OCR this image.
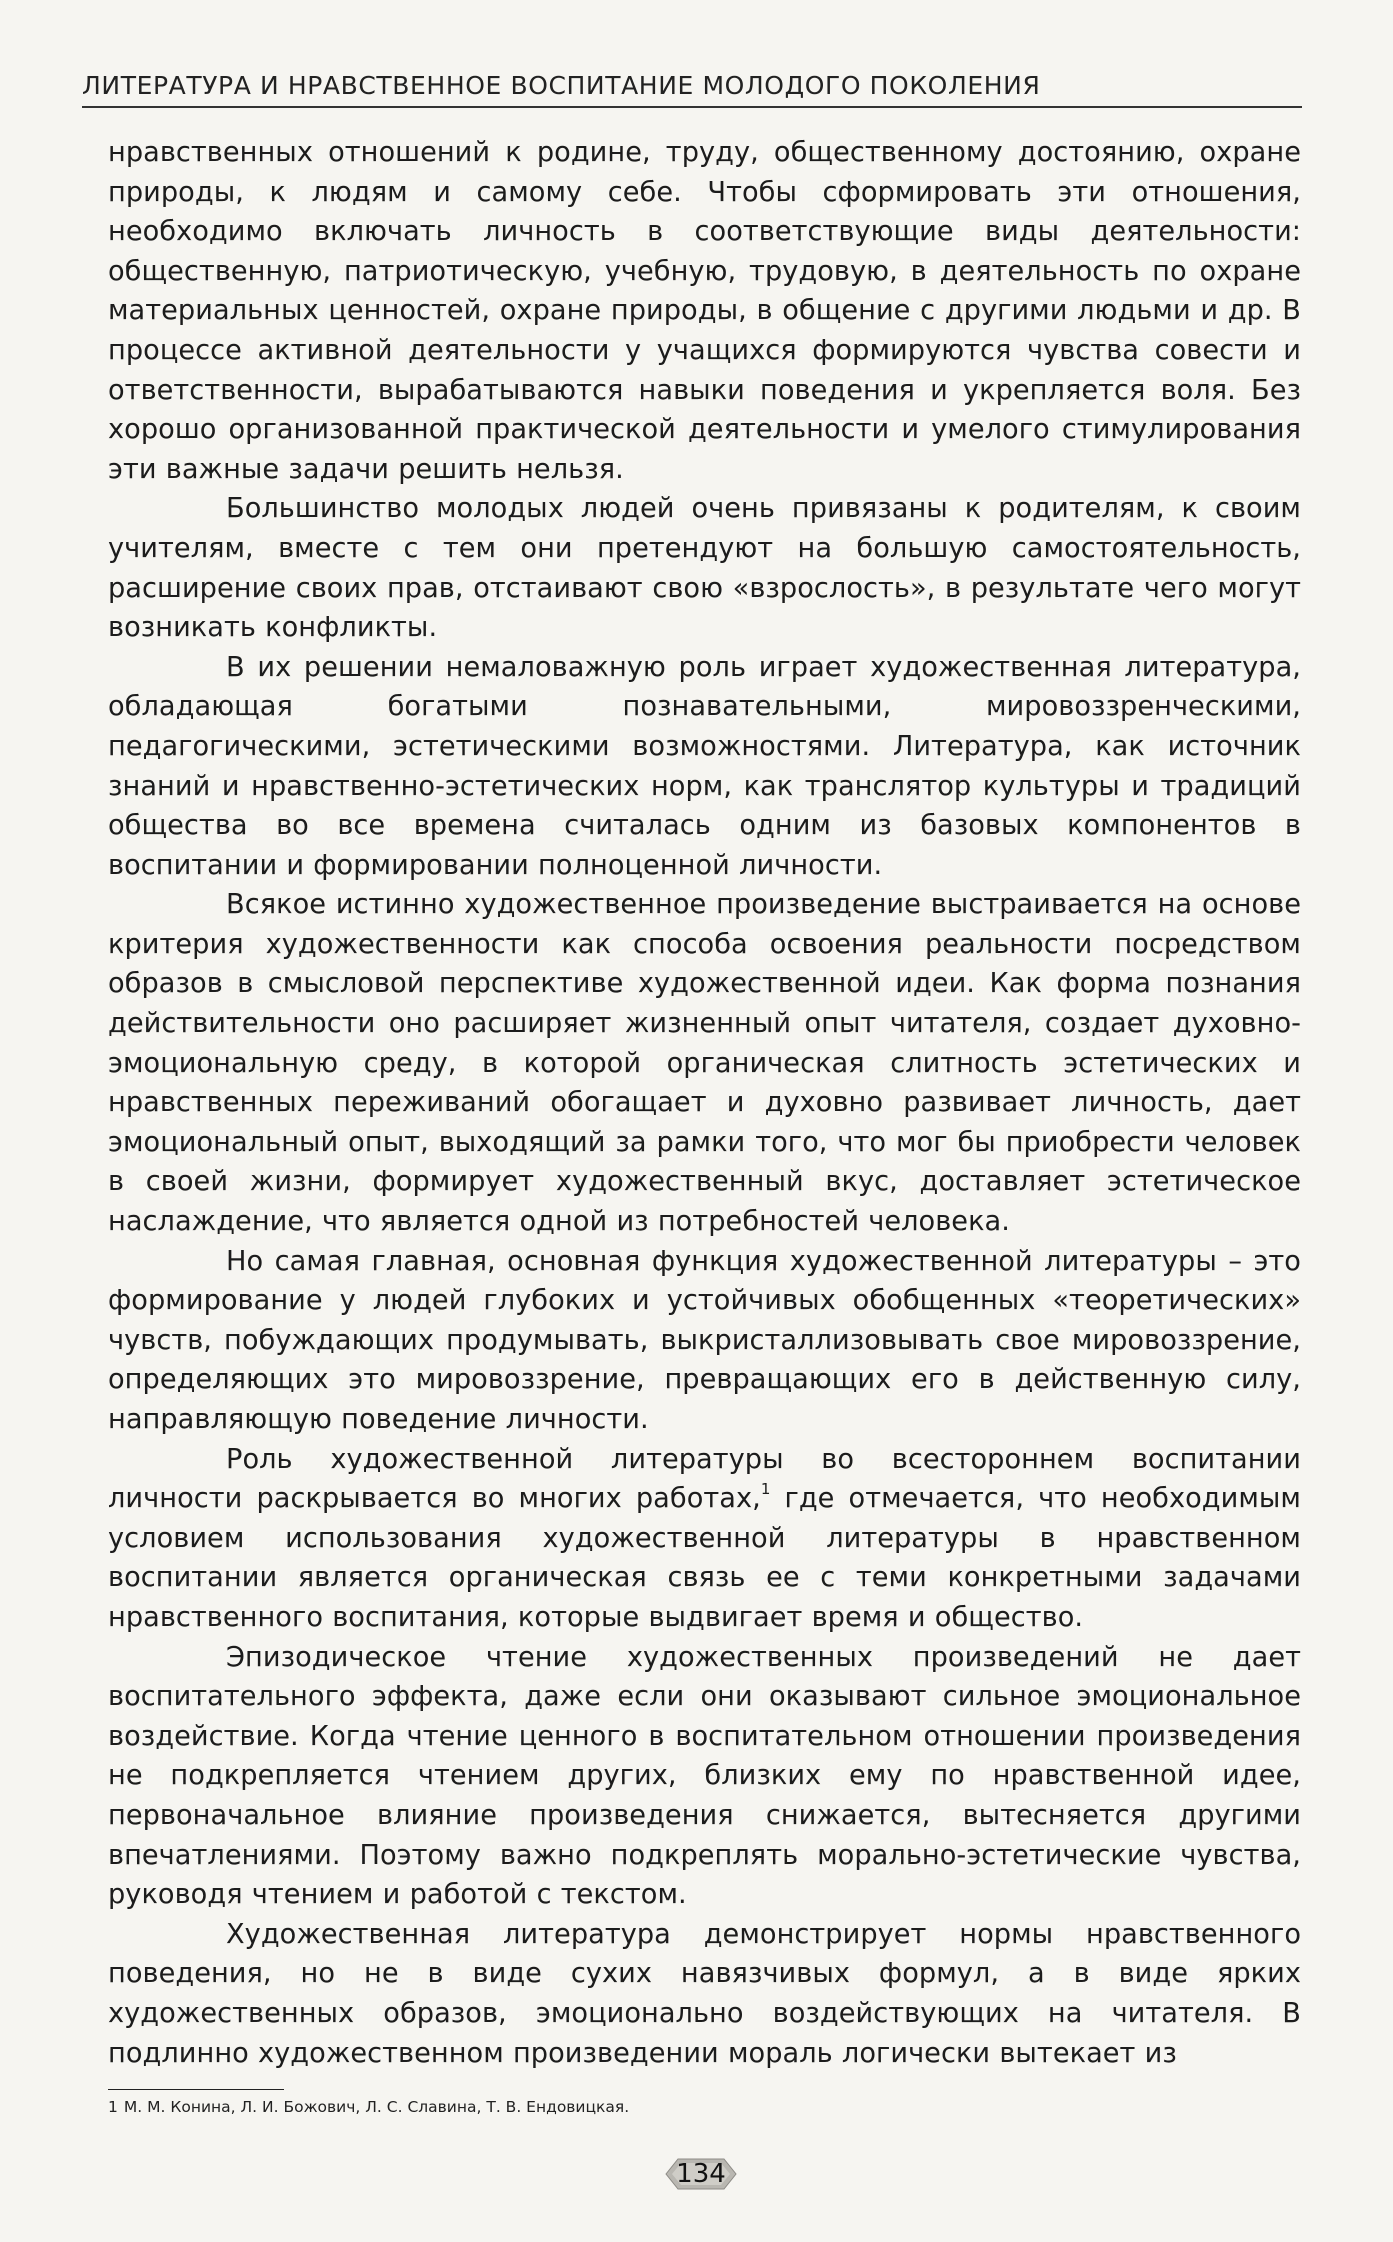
ЛИТЕРАТУРА И НРАВСТВЕННОЕ ВОСПИТАНИЕ МОЛОДОГО ПОКОЛЕНИЯ

нравственных отношений к родине, труду, общественному достоянию, охране природы, к людям и самому себе. Чтобы сформировать эти отношения, необходимо включать личность в соответствующие виды деятельности: общественную, патриотическую, учебную, трудовую, в деятельность по охране материальных ценностей, охране природы, в общение с другими людьми и др. В процессе активной деятельности у учащихся формируются чувства совести и ответственности, вырабатываются навыки поведения и укрепляется воля. Без хорошо организованной практической деятельности и умелого стимулирования эти важные задачи решить нельзя.

Большинство молодых людей очень привязаны к родителям, к своим учителям, вместе с тем они претендуют на большую самостоятельность, расширение своих прав, отстаивают свою «взрослость», в результате чего могут возникать конфликты.

В их решении немаловажную роль играет художественная литература, обладающая богатыми познавательными, мировоззренческими, педагогическими, эстетическими возможностями. Литература, как источник знаний и нравственно-эстетических норм, как транслятор культуры и традиций общества во все времена считалась одним из базовых компонентов в воспитании и формировании полноценной личности.

Всякое истинно художественное произведение выстраивается на основе критерия художественности как способа освоения реальности посредством образов в смысловой перспективе художественной идеи. Как форма познания действительности оно расширяет жизненный опыт читателя, создает духовно-эмоциональную среду, в которой органическая слитность эстетических и нравственных переживаний обогащает и духовно развивает личность, дает эмоциональный опыт, выходящий за рамки того, что мог бы приобрести человек в своей жизни, формирует художественный вкус, доставляет эстетическое наслаждение, что является одной из потребностей человека.

Но самая главная, основная функция художественной литературы – это формирование у людей глубоких и устойчивых обобщенных «теоретических» чувств, побуждающих продумывать, выкристаллизовывать свое мировоззрение, определяющих это мировоззрение, превращающих его в действенную силу, направляющую поведение личности.

Роль художественной литературы во всестороннем воспитании личности раскрывается во многих работах,$^1$ где отмечается, что необходимым условием использования художественной литературы в нравственном воспитании является органическая связь ее с теми конкретными задачами нравственного воспитания, которые выдвигает время и общество.

Эпизодическое чтение художественных произведений не дает воспитательного эффекта, даже если они оказывают сильное эмоциональное воздействие. Когда чтение ценного в воспитательном отношении произведения не подкрепляется чтением других, близких ему по нравственной идее, первоначальное влияние произведения снижается, вытесняется другими впечатлениями. Поэтому важно подкреплять морально-эстетические чувства, руководя чтением и работой с текстом.

Художественная литература демонстрирует нормы нравственного поведения, но не в виде сухих навязчивых формул, а в виде ярких художественных образов, эмоционально воздействующих на читателя. В подлинно художественном произведении мораль логически вытекает из

1 М. М. Конина, Л. И. Божович, Л. С. Славина, Т. В. Ендовицкая.
134
